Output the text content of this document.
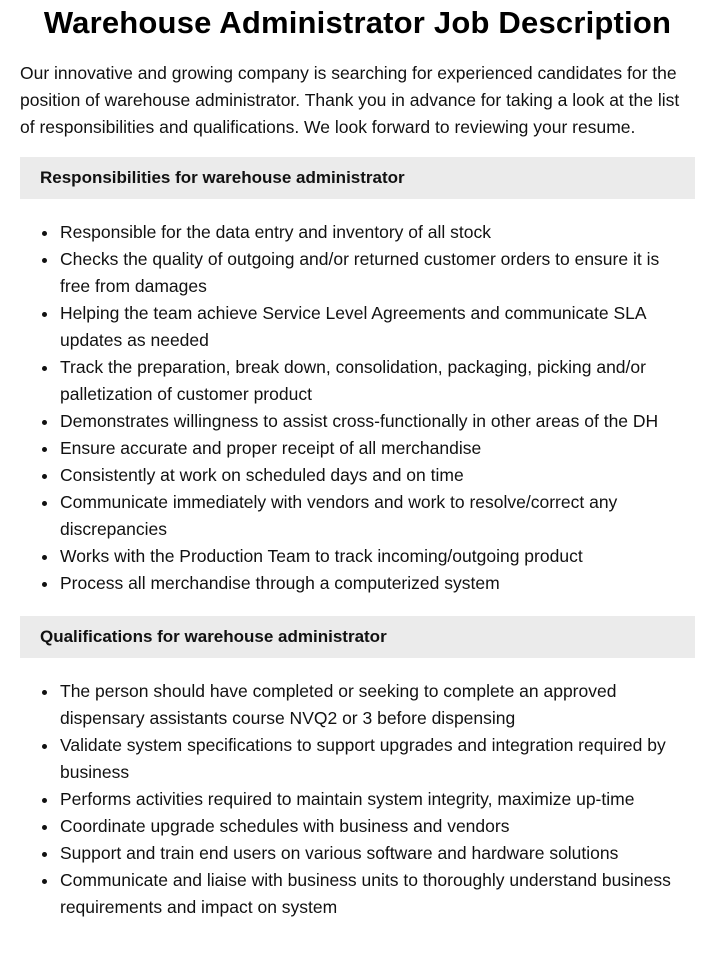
Warehouse Administrator Job Description

Our innovative and growing company is searching for experienced candidates for the position of warehouse administrator. Thank you in advance for taking a look at the list of responsibilities and qualifications. We look forward to reviewing your resume.

Responsibilities for warehouse administrator
Responsible for the data entry and inventory of all stock
Checks the quality of outgoing and/or returned customer orders to ensure it is free from damages
Helping the team achieve Service Level Agreements and communicate SLA updates as needed
Track the preparation, break down, consolidation, packaging, picking and/or palletization of customer product
Demonstrates willingness to assist cross-functionally in other areas of the DH
Ensure accurate and proper receipt of all merchandise
Consistently at work on scheduled days and on time
Communicate immediately with vendors and work to resolve/correct any discrepancies
Works with the Production Team to track incoming/outgoing product
Process all merchandise through a computerized system
Qualifications for warehouse administrator
The person should have completed or seeking to complete an approved dispensary assistants course NVQ2 or 3 before dispensing
Validate system specifications to support upgrades and integration required by business
Performs activities required to maintain system integrity, maximize up-time
Coordinate upgrade schedules with business and vendors
Support and train end users on various software and hardware solutions
Communicate and liaise with business units to thoroughly understand business requirements and impact on system
